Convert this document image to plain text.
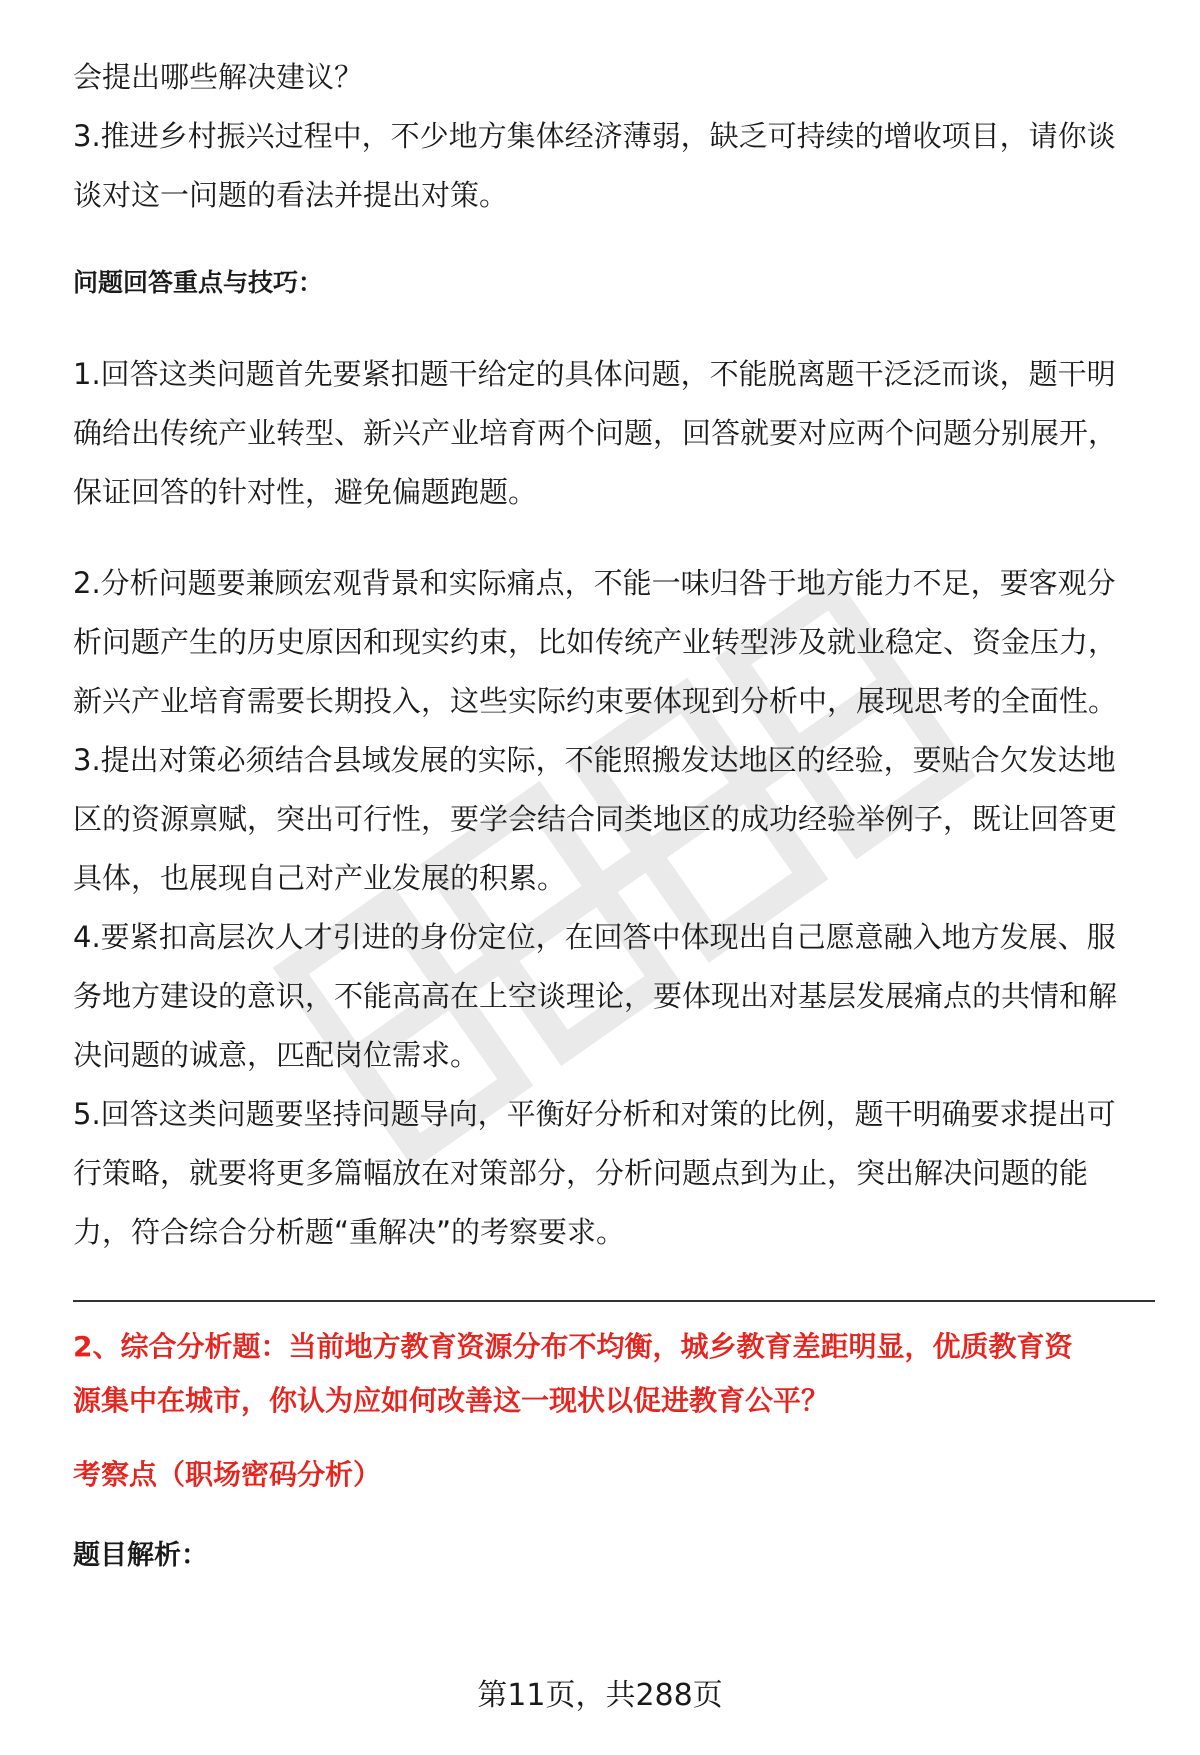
会提出哪些解决建议？

3.推进乡村振兴过程中，不少地方集体经济薄弱，缺乏可持续的增收项目，请你谈

谈对这一问题的看法并提出对策。

问题回答重点与技巧：

1.回答这类问题首先要紧扣题干给定的具体问题，不能脱离题干泛泛而谈，题干明

确给出传统产业转型、新兴产业培育两个问题，回答就要对应两个问题分别展开，

保证回答的针对性，避免偏题跑题。

2.分析问题要兼顾宏观背景和实际痛点，不能一味归咎于地方能力不足，要客观分

析问题产生的历史原因和现实约束，比如传统产业转型涉及就业稳定、资金压力，

新兴产业培育需要长期投入，这些实际约束要体现到分析中，展现思考的全面性。

3.提出对策必须结合县域发展的实际，不能照搬发达地区的经验，要贴合欠发达地

区的资源禀赋，突出可行性，要学会结合同类地区的成功经验举例子，既让回答更

具体，也展现自己对产业发展的积累。

4.要紧扣高层次人才引进的身份定位，在回答中体现出自己愿意融入地方发展、服

务地方建设的意识，不能高高在上空谈理论，要体现出对基层发展痛点的共情和解

决问题的诚意，匹配岗位需求。

5.回答这类问题要坚持问题导向，平衡好分析和对策的比例，题干明确要求提出可

行策略，就要将更多篇幅放在对策部分，分析问题点到为止，突出解决问题的能

力，符合综合分析题“重解决”的考察要求。

2、综合分析题：当前地方教育资源分布不均衡，城乡教育差距明显，优质教育资

源集中在城市，你认为应如何改善这一现状以促进教育公平？

考察点（职场密码分析）

题目解析：

第11页，共288页
